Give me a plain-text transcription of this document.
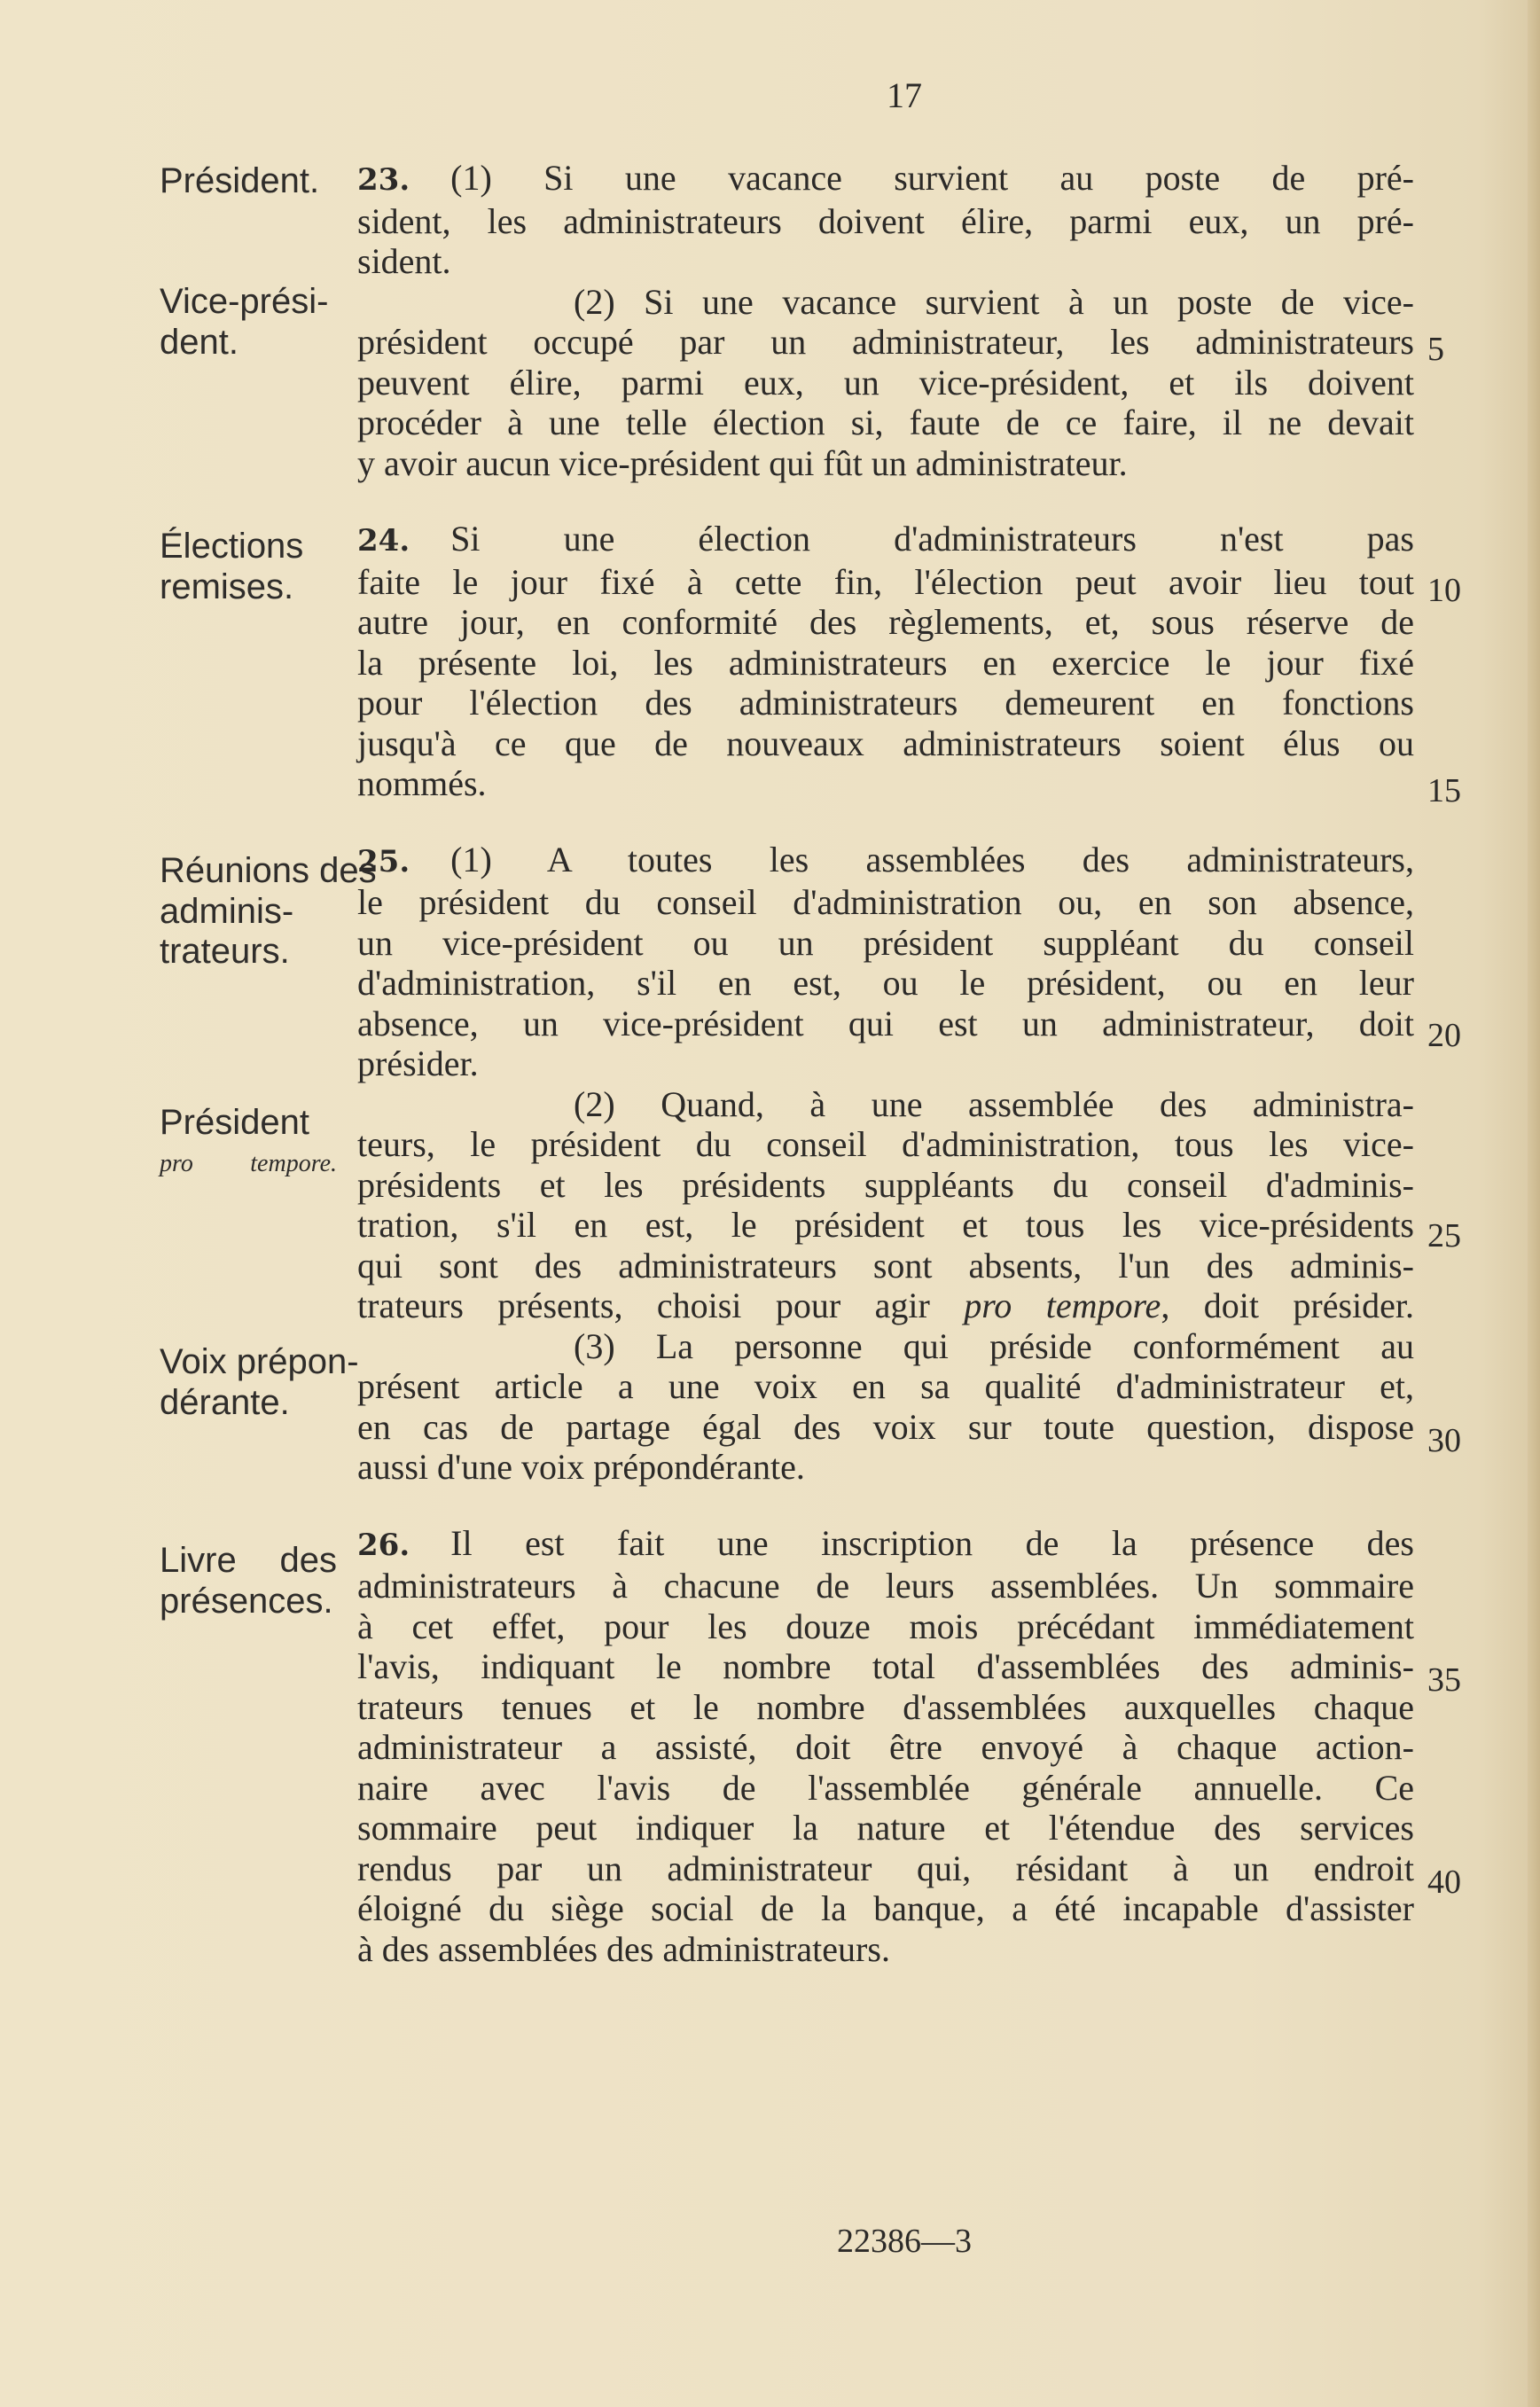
17
Président.
Vice-prési-
dent.
Élections
remises.
Réunions des
adminis-
trateurs.
Président
pro tempore.
Voix prépon-
dérante.
Livre des
présences.
23. (1) Si une vacance survient au poste de pré-
sident, les administrateurs doivent élire, parmi eux, un pré-
sident.
(2) Si une vacance survient à un poste de vice-
président occupé par un administrateur, les administrateurs
peuvent élire, parmi eux, un vice-président, et ils doivent
procéder à une telle élection si, faute de ce faire, il ne devait
y avoir aucun vice-président qui fût un administrateur.
24. Si une élection d'administrateurs n'est pas
faite le jour fixé à cette fin, l'élection peut avoir lieu tout
autre jour, en conformité des règlements, et, sous réserve de
la présente loi, les administrateurs en exercice le jour fixé
pour l'élection des administrateurs demeurent en fonctions
jusqu'à ce que de nouveaux administrateurs soient élus ou
nommés.
25. (1) A toutes les assemblées des administrateurs,
le président du conseil d'administration ou, en son absence,
un vice-président ou un président suppléant du conseil
d'administration, s'il en est, ou le président, ou en leur
absence, un vice-président qui est un administrateur, doit
présider.
(2) Quand, à une assemblée des administra-
teurs, le président du conseil d'administration, tous les vice-
présidents et les présidents suppléants du conseil d'adminis-
tration, s'il en est, le président et tous les vice-présidents
qui sont des administrateurs sont absents, l'un des adminis-
trateurs présents, choisi pour agir pro tempore, doit présider.
(3) La personne qui préside conformément au
présent article a une voix en sa qualité d'administrateur et,
en cas de partage égal des voix sur toute question, dispose
aussi d'une voix prépondérante.
26. Il est fait une inscription de la présence des
administrateurs à chacune de leurs assemblées. Un sommaire
à cet effet, pour les douze mois précédant immédiatement
l'avis, indiquant le nombre total d'assemblées des adminis-
trateurs tenues et le nombre d'assemblées auxquelles chaque
administrateur a assisté, doit être envoyé à chaque action-
naire avec l'avis de l'assemblée générale annuelle. Ce
sommaire peut indiquer la nature et l'étendue des services
rendus par un administrateur qui, résidant à un endroit
éloigné du siège social de la banque, a été incapable d'assister
à des assemblées des administrateurs.
5
10
15
20
25
30
35
40
22386—3
